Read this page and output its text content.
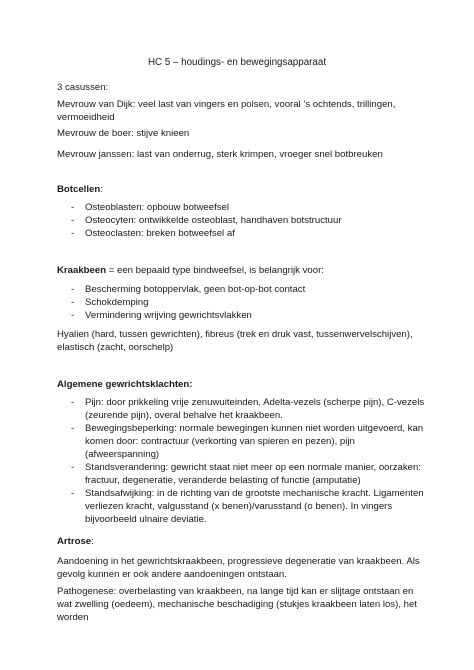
HC 5 – houdings- en bewegingsapparaat

3 casussen:

Mevrouw van Dijk: veel last van vingers en polsen, vooral ’s ochtends, trillingen, vermoeidheid

Mevrouw de boer: stijve knieen

Mevrouw janssen: last van onderrug, sterk krimpen, vroeger snel botbreuken

Botcellen:

- Osteoblasten: opbouw botweefsel
- Osteocyten: ontwikkelde osteoblast, handhaven botstructuur
- Osteoclasten: breken botweefsel af

Kraakbeen = een bepaald type bindweefsel, is belangrijk voor:

- Bescherming botoppervlak, geen bot-op-bot contact
- Schokdemping
- Vermindering wrijving gewrichtsvlakken

Hyalien (hard, tussen gewrichten), fibreus (trek en druk vast, tussenwervelschijven), elastisch (zacht, oorschelp)

Algemene gewrichtsklachten:

- Pijn: door prikkeling vrije zenuwuiteinden, Adelta-vezels (scherpe pijn), C-vezels (zeurende pijn), overal behalve het kraakbeen.
- Bewegingsbeperking: normale bewegingen kunnen niet worden uitgevoerd, kan komen door: contractuur (verkorting van spieren en pezen), pijn (afweerspanning)
- Standsverandering: gewricht staat niet meer op een normale manier, oorzaken: fractuur, degeneratie, veranderde belasting of functie (amputatie)
- Standsafwijking: in de richting van de grootste mechanische kracht. Ligamenten verliezen kracht, valgusstand (x benen)/varusstand (o benen). In vingers bijvoorbeeld ulnaire deviatie.

Artrose:

Aandoening in het gewrichtskraakbeen, progressieve degeneratie van kraakbeen. Als gevolg kunnen er ook andere aandoeningen ontstaan.

Pathogenese: overbelasting van kraakbeen, na lange tijd kan er slijtage ontstaan en wat zwelling (oedeem), mechanische beschadiging (stukjes kraakbeen laten los), het worden
